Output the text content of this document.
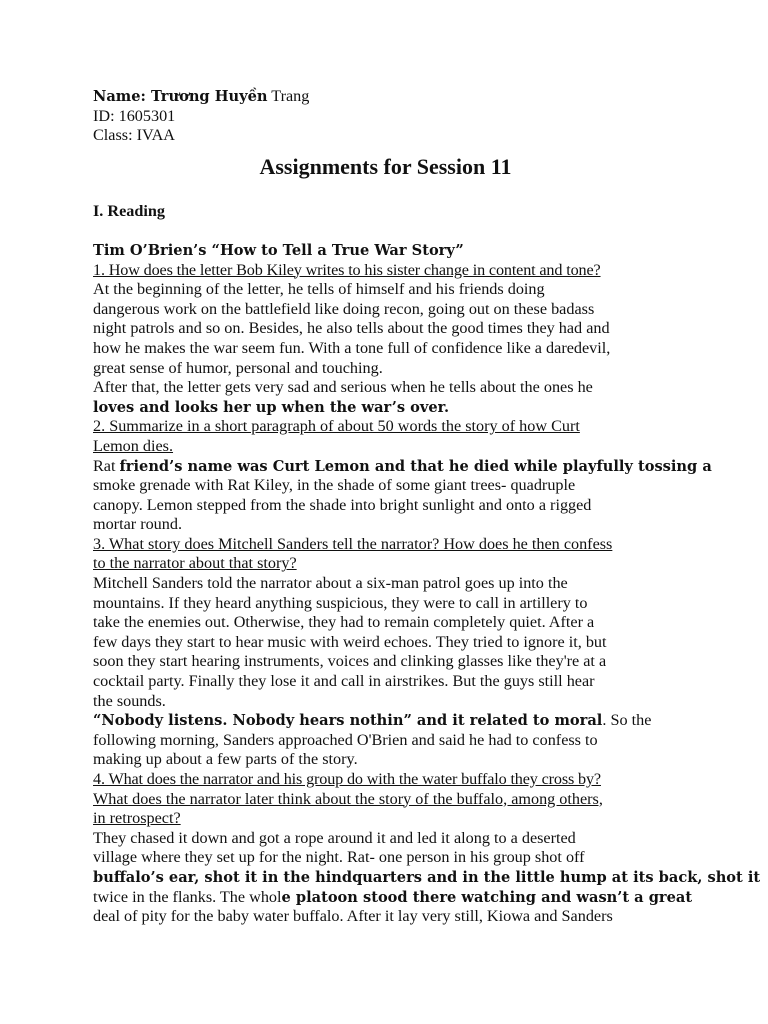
Name: Trương Huyền Trang
ID: 1605301
Class: IVAA
Assignments for Session 11
I. Reading
Tim O’Brien’s “How to Tell a True War Story”
1. How does the letter Bob Kiley writes to his sister change in content and tone?
At the beginning of the letter, he tells of himself and his friends doing
dangerous work on the battlefield like doing recon, going out on these badass
night patrols and so on. Besides, he also tells about the good times they had and
how he makes the war seem fun. With a tone full of confidence like a daredevil,
great sense of humor, personal and touching.
After that, the letter gets very sad and serious when he tells about the ones he
loves and looks her up when the war’s over.
2. Summarize in a short paragraph of about 50 words the story of how Curt
Lemon dies.
Rat friend’s name was Curt Lemon and that he died while playfully tossing a
smoke grenade with Rat Kiley, in the shade of some giant trees- quadruple
canopy. Lemon stepped from the shade into bright sunlight and onto a rigged
mortar round.
3. What story does Mitchell Sanders tell the narrator? How does he then confess
to the narrator about that story?
Mitchell Sanders told the narrator about a six-man patrol goes up into the
mountains. If they heard anything suspicious, they were to call in artillery to
take the enemies out. Otherwise, they had to remain completely quiet. After a
few days they start to hear music with weird echoes. They tried to ignore it, but
soon they start hearing instruments, voices and clinking glasses like they're at a
cocktail party. Finally they lose it and call in airstrikes. But the guys still hear
the sounds.
“Nobody listens. Nobody hears nothin” and it related to moral. So the
following morning, Sanders approached O'Brien and said he had to confess to
making up about a few parts of the story.
4. What does the narrator and his group do with the water buffalo they cross by?
What does the narrator later think about the story of the buffalo, among others,
in retrospect?
They chased it down and got a rope around it and led it along to a deserted
village where they set up for the night. Rat- one person in his group shot off
buffalo’s ear, shot it in the hindquarters and in the little hump at its back, shot it
twice in the flanks. The whole platoon stood there watching and wasn’t a great
deal of pity for the baby water buffalo. After it lay very still, Kiowa and Sanders
